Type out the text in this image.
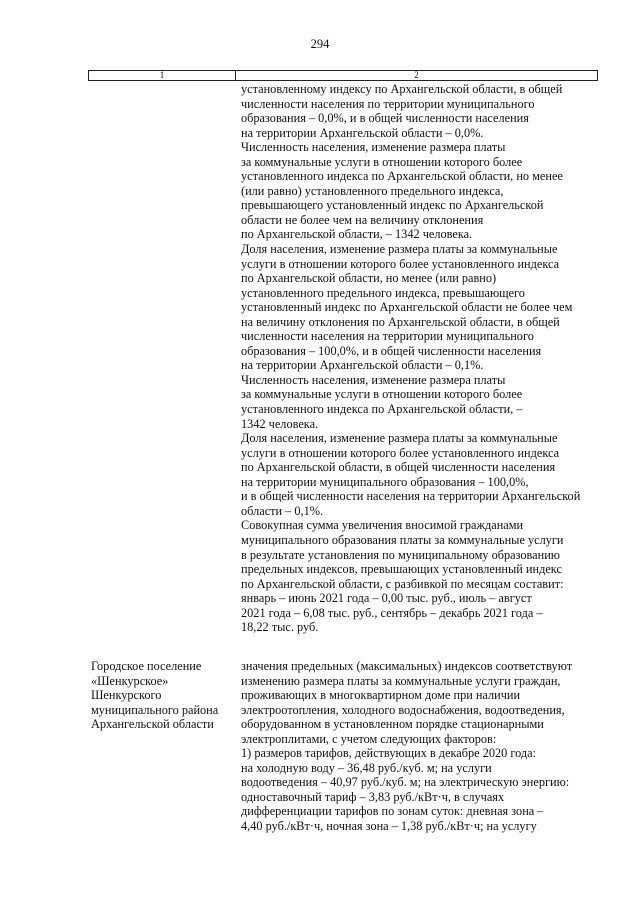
294
1	2
установленному индексу по Архангельской области, в общей
численности населения по территории муниципального
образования – 0,0%, и в общей численности населения
на территории Архангельской области – 0,0%.
Численность населения, изменение размера платы
за коммунальные услуги в отношении которого более
установленного индекса по Архангельской области, но менее
(или равно) установленного предельного индекса,
превышающего установленный индекс по Архангельской
области не более чем на величину отклонения
по Архангельской области, – 1342 человека.
Доля населения, изменение размера платы за коммунальные
услуги в отношении которого более установленного индекса
по Архангельской области, но менее (или равно)
установленного предельного индекса, превышающего
установленный индекс по Архангельской области не более чем
на величину отклонения по Архангельской области, в общей
численности населения на территории муниципального
образования – 100,0%, и в общей численности населения
на территории Архангельской области – 0,1%.
Численность населения, изменение размера платы
за коммунальные услуги в отношении которого более
установленного индекса по Архангельской области, –
1342 человека.
Доля населения, изменение размера платы за коммунальные
услуги в отношении которого более установленного индекса
по Архангельской области, в общей численности населения
на территории муниципального образования – 100,0%,
и в общей численности населения на территории Архангельской
области – 0,1%.
Совокупная сумма увеличения вносимой гражданами
муниципального образования платы за коммунальные услуги
в результате установления по муниципальному образованию
предельных индексов, превышающих установленный индекс
по Архангельской области, с разбивкой по месяцам составит:
январь – июнь 2021 года – 0,00 тыс. руб., июль – август
2021 года – 6,08 тыс. руб., сентябрь – декабрь 2021 года –
18,22 тыс. руб.
Городское поселение
«Шенкурское»
Шенкурского
муниципального района
Архангельской области
значения предельных (максимальных) индексов соответствуют
изменению размера платы за коммунальные услуги граждан,
проживающих в многоквартирном доме при наличии
электроотопления, холодного водоснабжения, водоотведения,
оборудованном в установленном порядке стационарными
электроплитами, с учетом следующих факторов:
1) размеров тарифов, действующих в декабре 2020 года:
на холодную воду – 36,48 руб./куб. м; на услуги
водоотведения – 40,97 руб./куб. м; на электрическую энергию:
одноставочный тариф – 3,83 руб./кВт·ч, в случаях
дифференциации тарифов по зонам суток: дневная зона –
4,40 руб./кВт·ч, ночная зона – 1,38 руб./кВт·ч; на услугу
